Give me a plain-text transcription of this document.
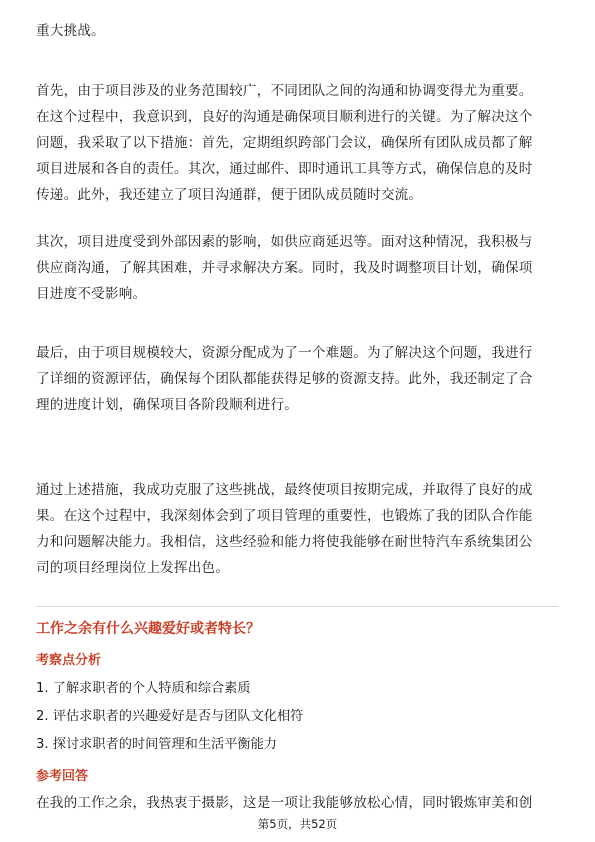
重大挑战。
首先，由于项目涉及的业务范围较广，不同团队之间的沟通和协调变得尤为重要。
在这个过程中，我意识到，良好的沟通是确保项目顺利进行的关键。为了解决这个
问题，我采取了以下措施：首先，定期组织跨部门会议，确保所有团队成员都了解
项目进展和各自的责任。其次，通过邮件、即时通讯工具等方式，确保信息的及时
传递。此外，我还建立了项目沟通群，便于团队成员随时交流。
其次，项目进度受到外部因素的影响，如供应商延迟等。面对这种情况，我积极与
供应商沟通，了解其困难，并寻求解决方案。同时，我及时调整项目计划，确保项
目进度不受影响。
最后，由于项目规模较大，资源分配成为了一个难题。为了解决这个问题，我进行
了详细的资源评估，确保每个团队都能获得足够的资源支持。此外，我还制定了合
理的进度计划，确保项目各阶段顺利进行。
通过上述措施，我成功克服了这些挑战，最终使项目按期完成，并取得了良好的成
果。在这个过程中，我深刻体会到了项目管理的重要性，也锻炼了我的团队合作能
力和问题解决能力。我相信，这些经验和能力将使我能够在耐世特汽车系统集团公
司的项目经理岗位上发挥出色。
工作之余有什么兴趣爱好或者特长？
考察点分析

1. 了解求职者的个人特质和综合素质

2. 评估求职者的兴趣爱好是否与团队文化相符

3. 探讨求职者的时间管理和生活平衡能力

参考回答
在我的工作之余，我热衷于摄影，这是一项让我能够放松心情，同时锻炼审美和创
第5页，共52页
